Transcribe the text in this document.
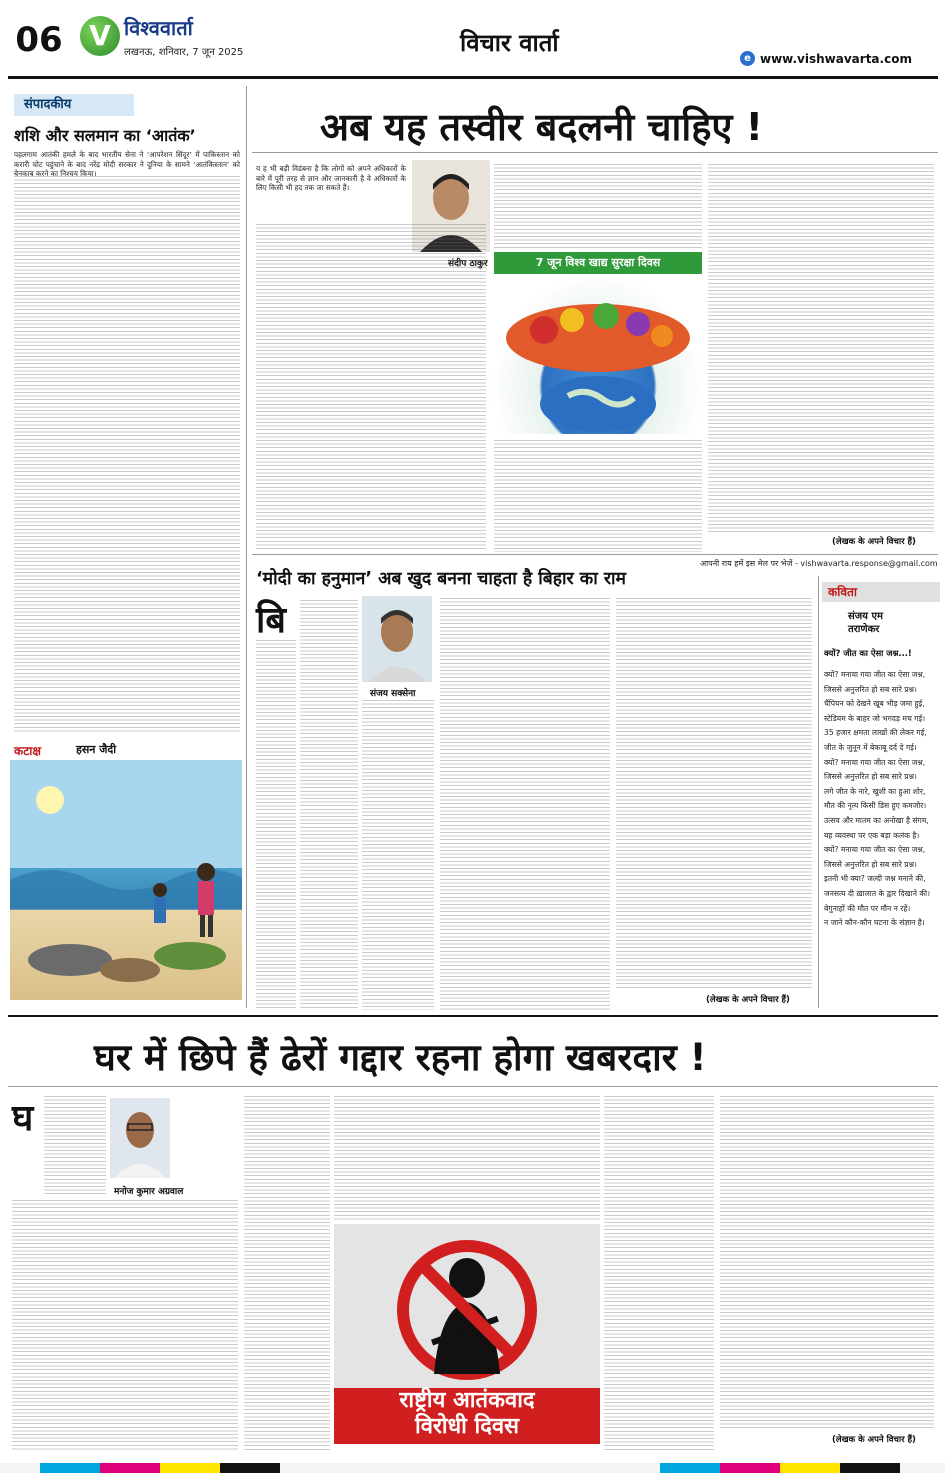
06 V विश्ववार्ता
लखनऊ, शनिवार, 7 जून 2025	विचार वार्ता
e www.vishwavarta.com
संपादकीय
शशि और सलमान का ‘आतंक’
पहलगाम आतंकी हमले के बाद भारतीय सेना ने ‘आपरेशन सिंदूर’ में पाकिस्तान को करारी चोट पहुंचाने के बाद नरेंद्र मोदी सरकार ने दुनिया के सामने ‘आतंकिस्तान’ को बेनकाब करने का निश्चय किया।
कटाक्ष	हसन जैदी
अब यह तस्वीर बदलनी चाहिए !
य ह भी बड़ी विडंबना है कि लोगों को अपने अधिकारों के बारे में पूरी तरह से ज्ञान और जानकारी है वे अधिकारों के लिए किसी भी हद तक जा सकते हैं।
संदीप ठाकुर	7 जून विश्व खाद्य सुरक्षा दिवस
(लेखक के अपने विचार हैं)
आपनी राय हमें इस मेल पर भेजें - vishwavarta.response@gmail.com
‘मोदी का हनुमान’ अब खुद बनना चाहता है बिहार का राम
बि
संजय सक्सेना
(लेखक के अपने विचार हैं)
कविता
संजय एम
तराणेकर
क्यों? जीत का ऐसा जश्न...!
क्यों? मनाया गया जीत का ऐसा जश्न,
जिससे अनुत्तरित हो सब सारे प्रश्न।
चैंपियन को देखने खूब भीड़ जमा हुई,
स्टेडियम के बाहर जो भगदड़ मच गई।
35 हजार क्षमता लाखों की लेकर गई,
जीत के जुनून में बेकाबू दर्द दे गई।
क्यों? मनाया गया जीत का ऐसा जश्न,
जिससे अनुत्तरित हो सब सारे प्रश्न।
लगे जीत के नारे, खुशी का हुआ शोर,
मौत की नृत्य किसी डिस हुए कमजोर।
उत्सव और मातम का अनोखा है संगम,
यह व्यवस्था पर एक बड़ा कलंक है।
क्यों? मनाया गया जीत का ऐसा जश्न,
जिससे अनुत्तरित हो सब सारे प्रश्न।
इतनी भी क्या? जल्दी जश्न मनाने की,
जनसत्य दी ख़ालात के द्वार दिखाने की।
बेगुनाहों की मौत पर मौन न रहें।
न जाने कौन-कौन घटना के संज्ञान है।
घर में छिपे हैं ढेरों गद्दार रहना होगा खबरदार !
घ
मनोज कुमार अग्रवाल
राष्ट्रीय आतंकवाद
विरोधी दिवस
(लेखक के अपने विचार हैं)
